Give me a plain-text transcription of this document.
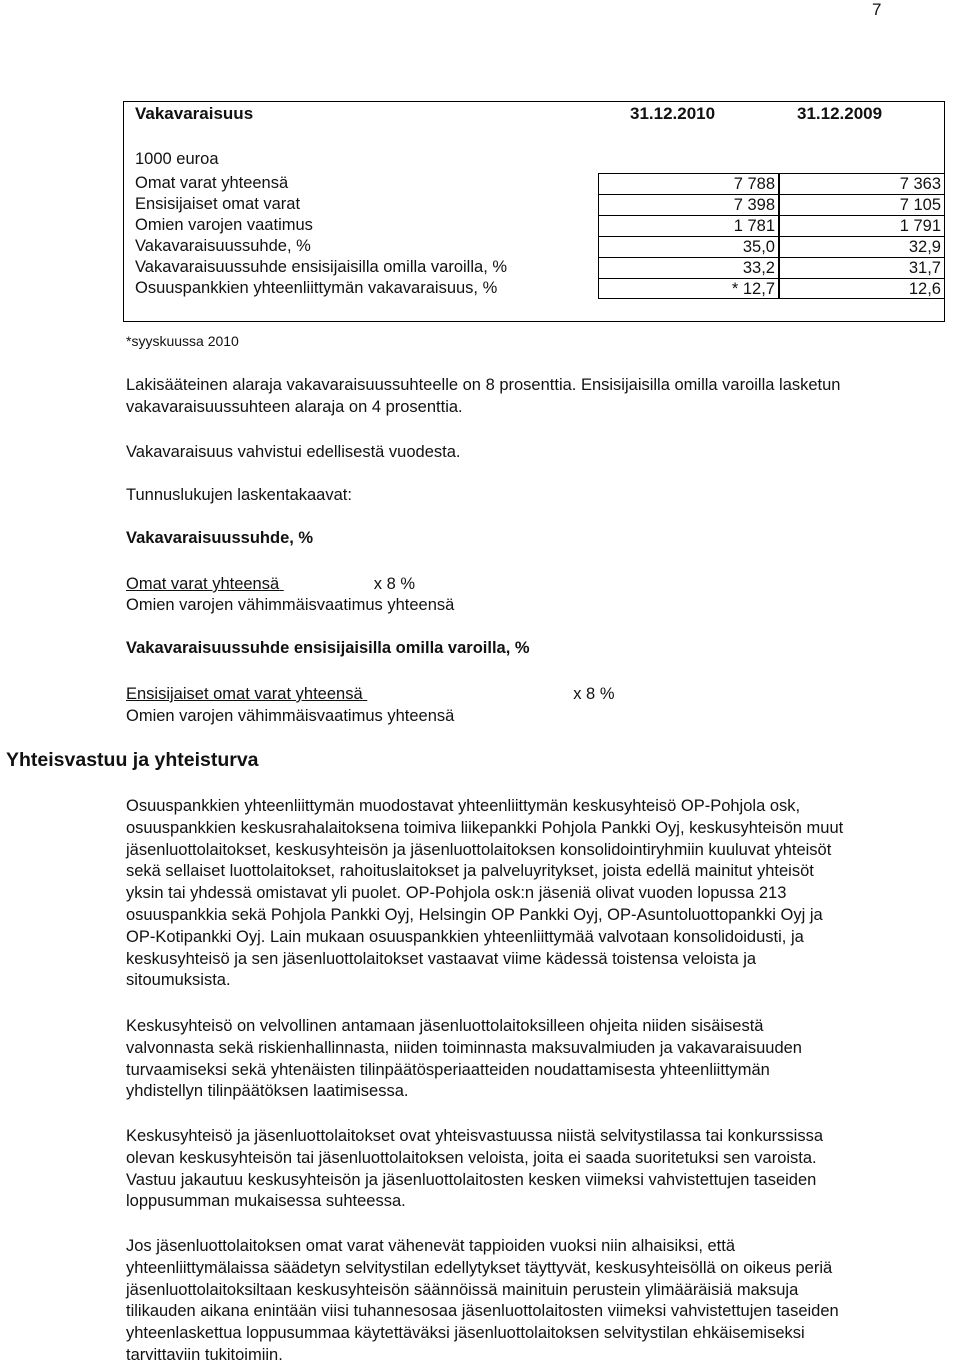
7
Vakavaraisuus	31.12.2010	31.12.2009
1000 euroa
Omat varat yhteensä	7 788	7 363
Ensisijaiset omat varat	7 398	7 105
Omien varojen vaatimus	1 781	1 791
Vakavaraisuussuhde, %	35,0	32,9
Vakavaraisuussuhde ensisijaisilla omilla varoilla, %	33,2	31,7
Osuuspankkien yhteenliittymän vakavaraisuus, %	* 12,7	12,6
*syyskuussa 2010
Lakisääteinen alaraja vakavaraisuussuhteelle on 8 prosenttia. Ensisijaisilla omilla varoilla lasketun
vakavaraisuussuhteen alaraja on 4 prosenttia.
Vakavaraisuus vahvistui edellisestä vuodesta.
Tunnuslukujen laskentakaavat:
Vakavaraisuussuhde, %
Omat varat yhteensä	x 8 %
Omien varojen vähimmäisvaatimus yhteensä
Vakavaraisuussuhde ensisijaisilla omilla varoilla, %
Ensisijaiset omat varat yhteensä	x 8 %
Omien varojen vähimmäisvaatimus yhteensä
Yhteisvastuu ja yhteisturva
Osuuspankkien yhteenliittymän muodostavat yhteenliittymän keskusyhteisö OP-Pohjola osk,
osuuspankkien keskusrahalaitoksena toimiva liikepankki Pohjola Pankki Oyj, keskusyhteisön muut
jäsenluottolaitokset, keskusyhteisön ja jäsenluottolaitoksen konsolidointiryhmiin kuuluvat yhteisöt
sekä sellaiset luottolaitokset, rahoituslaitokset ja palveluyritykset, joista edellä mainitut yhteisöt
yksin tai yhdessä omistavat yli puolet. OP-Pohjola osk:n jäseniä olivat vuoden lopussa 213
osuuspankkia sekä Pohjola Pankki Oyj, Helsingin OP Pankki Oyj, OP-Asuntoluottopankki Oyj ja
OP-Kotipankki Oyj. Lain mukaan osuuspankkien yhteenliittymää valvotaan konsolidoidusti, ja
keskusyhteisö ja sen jäsenluottolaitokset vastaavat viime kädessä toistensa veloista ja
sitoumuksista.
Keskusyhteisö on velvollinen antamaan jäsenluottolaitoksilleen ohjeita niiden sisäisestä
valvonnasta sekä riskienhallinnasta, niiden toiminnasta maksuvalmiuden ja vakavaraisuuden
turvaamiseksi sekä yhtenäisten tilinpäätösperiaatteiden noudattamisesta yhteenliittymän
yhdistellyn tilinpäätöksen laatimisessa.
Keskusyhteisö ja jäsenluottolaitokset ovat yhteisvastuussa niistä selvitystilassa tai konkurssissa
olevan keskusyhteisön tai jäsenluottolaitoksen veloista, joita ei saada suoritetuksi sen varoista.
Vastuu jakautuu keskusyhteisön ja jäsenluottolaitosten kesken viimeksi vahvistettujen taseiden
loppusumman mukaisessa suhteessa.
Jos jäsenluottolaitoksen omat varat vähenevät tappioiden vuoksi niin alhaisiksi, että
yhteenliittymälaissa säädetyn selvitystilan edellytykset täyttyvät, keskusyhteisöllä on oikeus periä
jäsenluottolaitoksiltaan keskusyhteisön säännöissä mainituin perustein ylimääräisiä maksuja
tilikauden aikana enintään viisi tuhannesosaa jäsenluottolaitosten viimeksi vahvistettujen taseiden
yhteenlaskettua loppusummaa käytettäväksi jäsenluottolaitoksen selvitystilan ehkäisemiseksi
tarvittaviin tukitoimiin.
